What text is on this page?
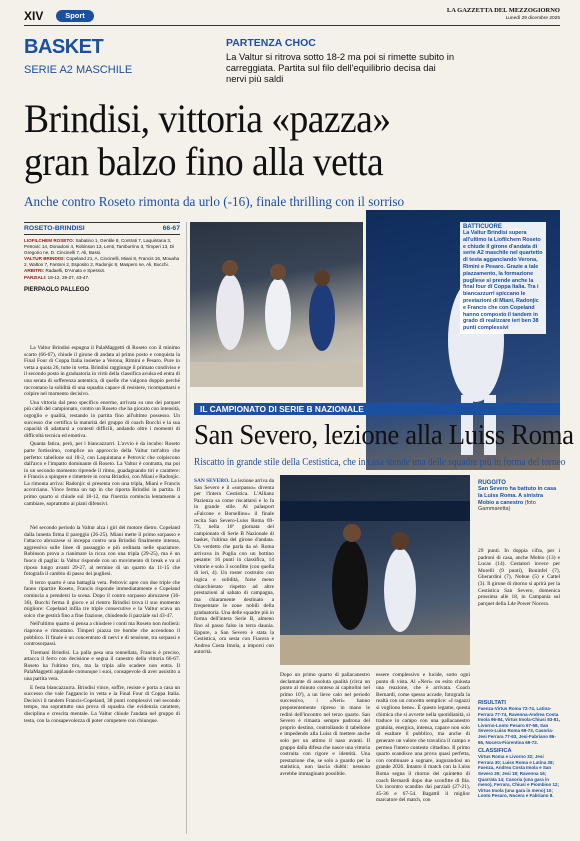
XIV	Sport
LA GAZZETTA DEL MEZZOGIORNO
Lunedì 29 dicembre 2025
BASKET
SERIE A2 MASCHILE
PARTENZA CHOC
La Valtur si ritrova sotto 18-2 ma poi si rimette subito in carreggiata. Partita sul filo dell'equilibrio decisa dai nervi più saldi
Brindisi, vittoria «pazza»
gran balzo fino alla vetta
Anche contro Roseto rimonta da urlo (-16), finale thrilling con il sorriso
ROSETO-BRINDISI	66-67
LIOFILCHEM ROSETO: Sabatino 1, Gentile 8, Contrati 7, Laquintana 3, Petrovic 14, Donadoni 4, Robinson 13, Lenti, Tamburrino 3, Timperi 13, Di Gregorio ne, D. Cincinelli 7, Ali, Bassi.
VALTUR BRINDISI: Copeland 21, A. Cincinelli, Miani 8, Francis 16, Mouaha 2, Walton 7, Fantoni 2, Esposito 2, Radonjic 8, Maspero ne, Ali, Bucchi.
ARBITRI: Radaelli, D'Amato e Spessot.
PARZIALI: 18-12, 29-27, 43-47.
PIERPAOLO PALLEGO

La Valtur Brindisi espugna il PalaMaggetti di Roseto con il minimo scarto (66-67), chiude il girone di andata al primo posto e conquista la Final Four di Coppa Italia insieme a Verona, Rimini e Pesaro. Pure in vetta a quota 26, tutte in vetta. Brindisi raggiunge il primato condiviso e il secondo posto in graduatoria in virtù della classifica avulsa ed entra di una serata di sofferenza autentica, di quelle che valgono doppio perché raccontano la solidità di una squadra capace di resistere, ricompattarsi e colpire nel momento decisivo.

Una vittoria dal peso specifico enorme, arrivata su uno dei parquet più caldi del campionato, contro un Roseto che ha giocato con intensità, orgoglio e qualità, restando in partita fino all'ultimo possesso. Un successo che certifica la maturità del gruppo di coach Bucchi e la sua capacità di adattarsi a contesti difficili, andando oltre i momenti di difficoltà tecnica ed emotiva.

Quanta fatica, però, per i biancazzurri. L'avvio è da incubo: Roseto parte fortissimo, complice un approccio della Valtur tutt'altro che perfetto: tabellone sul 18-2, con Laquintana e Petrovic che colpiscono dall'arco e l'impatto dominante di Roseto. La Valtur è contratta, ma poi in un secondo momento riprende il ritmo, guadagnando tiri e carattere: è Francis a spingere e rimettere in corsa Brindisi, con Miani e Radonjic. La rimonta arriva: Radonjic si presenta con una tripla, Miani e Francis accorciano. Vince ferma un tap in che riporta Brindisi in partita. Il primo quarto si chiude sul 18-12, ma l'inerzia comincia lentamente a cambiare, soprattutto ai piani difensivi.

BATTICUORE
La Valtur Brindisi supera all'ultimo la Liofilchem Roseto e chiude il girone d'andata di serie A2 maschile nel quartetto di testa agganciando Verona, Rimini e Pesaro. Grazie a tale piazzamento, la formazione pugliese si prende anche la final four di Coppa Italia. Tra i biancazzurri spiccano le prestazioni di Miani, Radonjic e Francis che con Copeland hanno composto il tandem in grado di realizzare ieri ben 38 punti complessivi
IL CAMPIONATO DI SERIE B NAZIONALE
San Severo, lezione alla Luiss Roma
Riscatto in grande stile della Cestistica, che in casa stende una delle squadre più in forma del torneo
RUGGITO
San Severo ha battuto in casa la Luiss Roma. A sinistra Mobio a canestro (foto Gammaretta)
SAN SEVERO. La lezione arriva da San Severo e il «sorpasso» diventa per l'intera Cestistica. L'Allianz Pazienza sa come riscattarsi e lo fa in grande stile. Al palasport «Falcone e Borsellino» il finale recita San Severo-Luiss Roma 69-73, nella 16ª giornata del campionato di Serie B Nazionale di basket, l'ultima del girone d'andata. Un verdetto che parla da sé. Roma arrivava in Puglia con un bottino pesante: 16 punti in classifica, 14 vittorie e solo 3 sconfitte (con quella di ieri, 4). Un roster costruito con logica e solidità, forse meno chiacchierato rispetto ad altre prestazioni al sabato di campagna, ma chiaramente destinato a frequentare le zone nobili della graduatoria. Una delle squadre più in forma dell'intera Serie B, almeno fino al passo falso in terra daunia. Eppure, a San Severo è stata la Cestistica, ora sesta con Fiacera e Andrea Costa Imola, a imporsi con autorità.
Dopo un primo quarto di pallacanestro declamante di assoluta qualità (circa un punto al minuto conteso ai capitolini nel primo 10'), a un lieve calo nel periodo successivo, i «Neri» hanno prepotentemente ripreso in mano le redini dell'incontro nel terzo quarto. San Severo è rimasta sempre padrona del proprio destino, controllando il tabellone e impedendo alla Luiss di mettere anche solo per un attimo il naso avanti. Il gruppo dalla difesa che nasce una vittoria costruita con rigore e identità. Una prestazione che, se solo a guardo per la statistica, non lascia dubbi: nessuno avrebbe immaginato possibile.
essere complessivo e lucide, sotto ogni punto di vista. Al «Neri» on esito chiusta una reazione, che è arrivata. Coach Bernardi, come spesso accade, fotografa la realtà con un concetto semplice: «I ragazzi si vogliono bene». È questo legame, questa chimica che si avverte nella quotidianità, si traduce in campo con una pallacanestro gratuita, energica, intensa, capace non solo di esaltare il pubblico, ma anche di generare un valore che travalica il campo e permea l'intero contesto cittadino. Il primo quarto scandisce una prova quasi perfetta, con continuare a sognare, augurandosi un grande 2026. Intanto il match con la Luiss Roma segna il ritorno dei quintetto di coach Bernardi dopo due sconfitte di fila. Un incontro scandito dai parziali (27-21), 45-36 e 67-54. Bagattil il miglior marcatore del match, con
29 punti. In doppia cifra, per i padroni di casa, anche Mobio (13) e Lucas (14). Cestatori invece per Morelli (9 punti), Boninfel (7), Gherardini (7), Nobue (5) e Cattel (3). Il girone di ritorno si aprirà per la Cestistica San Severo, domenica prossima alle 18, in Campania sul parquet della Lde Power Nocera.
RISULTATI
Faenza-Virtus Roma 72-74, Latina-Ferrara 77-74, Ravenna-Andrea Costa Imola 96-84, Virtus Imola-Chiusi 83-81, Livorno-Lonto Pesaro 67-58, San Severo-Luiss Roma 69-73, Casoria-Jesi Ferrara 77-63, Jesi-Fabriano 86-65, Nocera-Fiorentina 69-72.
CLASSIFICA
Virtus Roma e Livorno 32; Jesi Ferrara 30; Luiss Roma e Latina 28; Faenza, Andrea Costa Imola e San Severo 26; Jesi 18; Ravenna 16; Quarrata 14; Casoria (una gara in meno), Ferrara, Chiusi e Piombino 12; Virtus Imola (una gara in meno) 10; Lonto Pesaro, Nocera e Fabriano 8.

Nel secondo periodo la Valtur alza i giri del motore dietro. Copeland dalla lunetta firma il pareggio (26-25). Miani mette il primo sorpasso e l'attacco abruzzese si inceppa contro una Brindisi finalmente intensa, aggressiva sulle linee di passaggio e più ordinata nelle spaziature. Robinson prova a rianimare la ricca con una tripla (29-25), ma è un fuoco di paglia: la Valtur risponde con un movimento di break e va al riposo lungo avanti 29-27, al termine di un quarto da 11-15 che fotografa il cambio di passo dei pugliesi.

Il terzo quarto è una battaglia vera. Petrovic apre con due triple che fanno ripartire Roseto, Francis risponde immediatamente e Copeland comincia a prendersi la scena. Dopo il contro sorpasso abruzzese (36-36), Bucchi ferma il gioco e al rientro Brindisi trova il suo momento migliore: Copeland infila tre triple consecutive e la Valtur scava un solco che gestirà fino a fine frazione, chiudendo il parziale sul 43-47.

Nell'ultimo quarto si pensa a chiudere i conti ma Roseto non mollerà: riaprono e rimontano. Timperi piazza tre bombe che accendono il pubblico. Il finale è un concentrato di nervi e di tensione, tra sorpassi e controsorpassi.

Tiremani Brindisi. La palla pesa una tonnellata, Francis è preciso, attacca il ferro con decisione e segna il canestro della vittoria 66-67. Roseto ha l'ultimo tiro, ma la tripla allo scadere non entra. Il PalaMaggetti applaude comunque i suoi, consapevole di aver assistito a una partita vera.

E festa biancazzurra. Brindisi vince, soffre, resiste e porta a casa un successo che vale l'aggancio in vetta e la Final Four di Coppa Italia. Decisivi il tandem Francis-Copeland, 38 punti complessivi nel secondo tempo, ma soprattutto una prova di squadra che evidenzia carattere, disciplina e crescita mentale. La Valtur chiude l'andata nel gruppo di testa, con la consapevolezza di poter competere con chiunque.
